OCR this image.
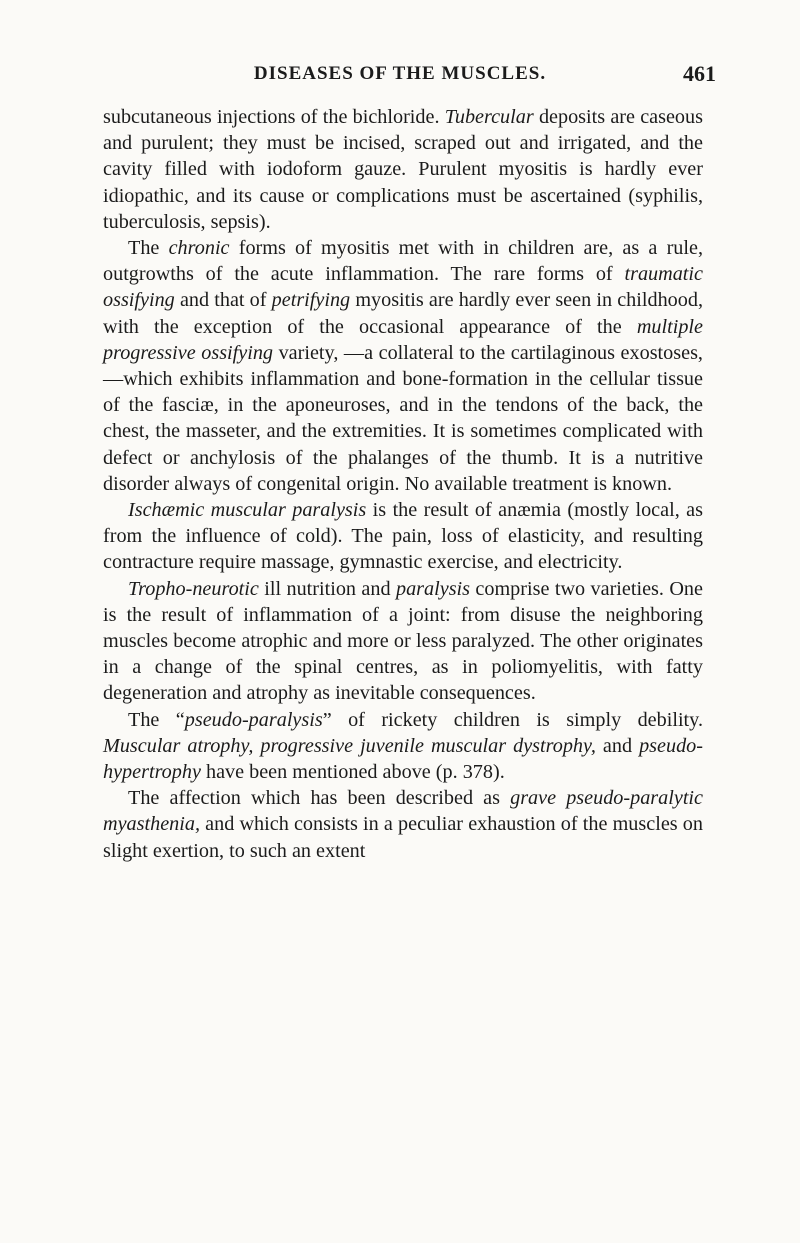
DISEASES OF THE MUSCLES.	461

subcutaneous injections of the bichloride. Tubercular deposits are caseous and purulent; they must be incised, scraped out and irrigated, and the cavity filled with iodoform gauze. Purulent myositis is hardly ever idiopathic, and its cause or complications must be ascertained (syphilis, tuberculosis, sepsis).

The chronic forms of myositis met with in children are, as a rule, outgrowths of the acute inflammation. The rare forms of traumatic ossifying and that of petrifying myositis are hardly ever seen in childhood, with the exception of the occasional appearance of the multiple progressive ossifying variety, —a collateral to the cartilaginous exostoses,—which exhibits inflammation and bone-formation in the cellular tissue of the fasciæ, in the aponeuroses, and in the tendons of the back, the chest, the masseter, and the extremities. It is sometimes complicated with defect or anchylosis of the phalanges of the thumb. It is a nutritive disorder always of congenital origin. No available treatment is known.

Ischæmic muscular paralysis is the result of anæmia (mostly local, as from the influence of cold). The pain, loss of elasticity, and resulting contracture require massage, gymnastic exercise, and electricity.

Tropho-neurotic ill nutrition and paralysis comprise two varieties. One is the result of inflammation of a joint: from disuse the neighboring muscles become atrophic and more or less paralyzed. The other originates in a change of the spinal centres, as in poliomyelitis, with fatty degeneration and atrophy as inevitable consequences.

The “pseudo-paralysis” of rickety children is simply debility. Muscular atrophy, progressive juvenile muscular dystrophy, and pseudo-hypertrophy have been mentioned above (p. 378).

The affection which has been described as grave pseudo-paralytic myasthenia, and which consists in a peculiar exhaustion of the muscles on slight exertion, to such an extent
